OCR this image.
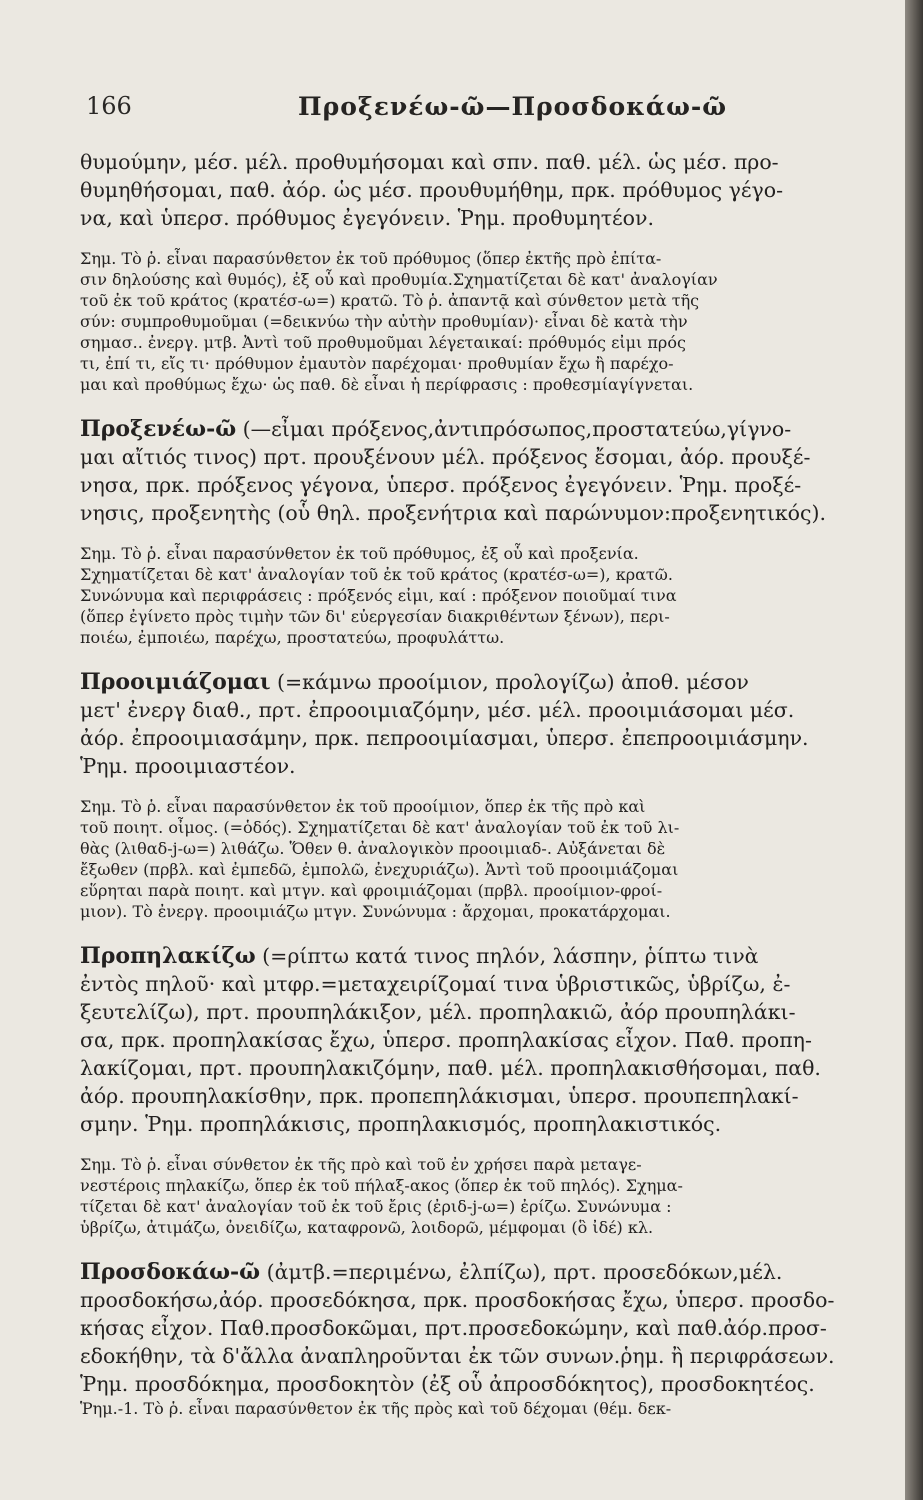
166	Προξενέω-ῶ—Προσδοκάω-ῶ
θυμούμην, μέσ. μέλ. προθυμήσομαι καὶ σπν. παθ. μέλ. ὡς μέσ. προ-
θυμηθήσομαι, παθ. ἀόρ. ὡς μέσ. προυθυμήθημ, πρκ. πρόθυμος γέγο-
να, καὶ ὑπερσ. πρόθυμος ἐγεγόνειν. Ῥημ. προθυμητέον.
Σημ. Τὸ ῥ. εἶναι παρασύνθετον ἐκ τοῦ πρόθυμος (ὅπερ ἐκτῆς πρὸ ἐπίτα-
σιν δηλούσης καὶ θυμός), ἐξ οὗ καὶ προθυμία.Σχηματίζεται δὲ κατ' ἀναλογίαν
τοῦ ἐκ τοῦ κράτος (κρατέσ-ω=) κρατῶ. Τὸ ῥ. ἀπαντᾷ καὶ σύνθετον μετὰ τῆς
σύν: συμπροθυμοῦμαι (=δεικνύω τὴν αὐτὴν προθυμίαν)· εἶναι δὲ κατὰ τὴν
σημασ.. ἐνεργ. μτβ. Ἀντὶ τοῦ προθυμοῦμαι λέγεταικαί: πρόθυμός εἰμι πρός
τι, ἐπί τι, εἴς τι· πρόθυμον ἐμαυτὸν παρέχομαι· προθυμίαν ἔχω ἢ παρέχο-
μαι καὶ προθύμως ἔχω· ὡς παθ. δὲ εἶναι ἡ περίφρασις : προθεσμίαγίγνεται.
Προξενέω-ῶ (—εἶμαι πρόξενος,ἀντιπρόσωπος,προστατεύω,γίγνο-
μαι αἴτιός τινος) πρτ. προυξένουν μέλ. πρόξενος ἔσομαι, ἀόρ. προυξέ-
νησα, πρκ. πρόξενος γέγονα, ὑπερσ. πρόξενος ἐγεγόνειν. Ῥημ. προξέ-
νησις, προξενητὴς (οὗ θηλ. προξενήτρια καὶ παρώνυμον:προξενητικός).
Σημ. Τὸ ῥ. εἶναι παρασύνθετον ἐκ τοῦ πρόθυμος, ἐξ οὗ καὶ προξενία.
Σχηματίζεται δὲ κατ' ἀναλογίαν τοῦ ἐκ τοῦ κράτος (κρατέσ-ω=), κρατῶ.
Συνώνυμα καὶ περιφράσεις : πρόξενός εἰμι, καί : πρόξενον ποιοῦμαί τινα
(ὅπερ ἐγίνετο πρὸς τιμὴν τῶν δι' εὐεργεσίαν διακριθέντων ξένων), περι-
ποιέω, ἐμποιέω, παρέχω, προστατεύω, προφυλάττω.
Προοιμιάζομαι (=κάμνω προοίμιον, προλογίζω) ἀποθ. μέσον
μετ' ἐνεργ διαθ., πρτ. ἐπροοιμιαζόμην, μέσ. μέλ. προοιμιάσομαι μέσ.
ἀόρ. ἐπροοιμιασάμην, πρκ. πεπροοιμίασμαι, ὑπερσ. ἐπεπροοιμιάσμην.
Ῥημ. προοιμιαστέον.
Σημ. Τὸ ῥ. εἶναι παρασύνθετον ἐκ τοῦ προοίμιον, ὅπερ ἐκ τῆς πρὸ καὶ
τοῦ ποιητ. οἶμος. (=ὁδός). Σχηματίζεται δὲ κατ' ἀναλογίαν τοῦ ἐκ τοῦ λι-
θὰς (λιθαδ-j-ω=) λιθάζω. Ὅθεν θ. ἀναλογικὸν προοιμιαδ-. Αὐξάνεται δὲ
ἔξωθεν (πρβλ. καὶ ἐμπεδῶ, ἐμπολῶ, ἐνεχυριάζω). Ἀντὶ τοῦ προοιμιάζομαι
εὕρηται παρὰ ποιητ. καὶ μτγν. καὶ φροιμιάζομαι (πρβλ. προοίμιον-φροί-
μιον). Τὸ ἐνεργ. προοιμιάζω μτγν. Συνώνυμα : ἄρχομαι, προκατάρχομαι.
Προπηλακίζω (=ρίπτω κατά τινος πηλόν, λάσπην, ῥίπτω τινὰ
ἐντὸς πηλοῦ· καὶ μτφρ.=μεταχειρίζομαί τινα ὑβριστικῶς, ὑβρίζω, ἐ-
ξευτελίζω), πρτ. προυπηλάκιξον, μέλ. προπηλακιῶ, ἀόρ προυπηλάκι-
σα, πρκ. προπηλακίσας ἔχω, ὑπερσ. προπηλακίσας εἶχον. Παθ. προπη-
λακίζομαι, πρτ. προυπηλακιζόμην, παθ. μέλ. προπηλακισθήσομαι, παθ.
ἀόρ. προυπηλακίσθην, πρκ. προπεπηλάκισμαι, ὑπερσ. προυπεπηλακί-
σμην. Ῥημ. προπηλάκισις, προπηλακισμός, προπηλακιστικός.
Σημ. Τὸ ῥ. εἶναι σύνθετον ἐκ τῆς πρὸ καὶ τοῦ ἐν χρήσει παρὰ μεταγε-
νεστέροις πηλακίζω, ὅπερ ἐκ τοῦ πήλαξ-ακος (ὅπερ ἐκ τοῦ πηλός). Σχημα-
τίζεται δὲ κατ' ἀναλογίαν τοῦ ἐκ τοῦ ἔρις (ἐριδ-j-ω=) ἐρίζω. Συνώνυμα :
ὑβρίζω, ἀτιμάζω, ὀνειδίζω, καταφρονῶ, λοιδορῶ, μέμφομαι (ὃ ἰδέ) κλ.
Προσδοκάω-ῶ (ἀμτβ.=περιμένω, ἐλπίζω), πρτ. προσεδόκων,μέλ.
προσδοκήσω,ἀόρ. προσεδόκησα, πρκ. προσδοκήσας ἔχω, ὑπερσ. προσδο-
κήσας εἶχον. Παθ.προσδοκῶμαι, πρτ.προσεδοκώμην, καὶ παθ.ἀόρ.προσ-
εδοκήθην, τὰ δ'ἄλλα ἀναπληροῦνται ἐκ τῶν συνων.ῥημ. ἢ περιφράσεων.
Ῥημ. προσδόκημα, προσδοκητὸν (ἐξ οὗ ἀπροσδόκητος), προσδοκητέος.
Ῥημ.-1. Τὸ ῥ. εἶναι παρασύνθετον ἐκ τῆς πρὸς καὶ τοῦ δέχομαι (θέμ. δεκ-
